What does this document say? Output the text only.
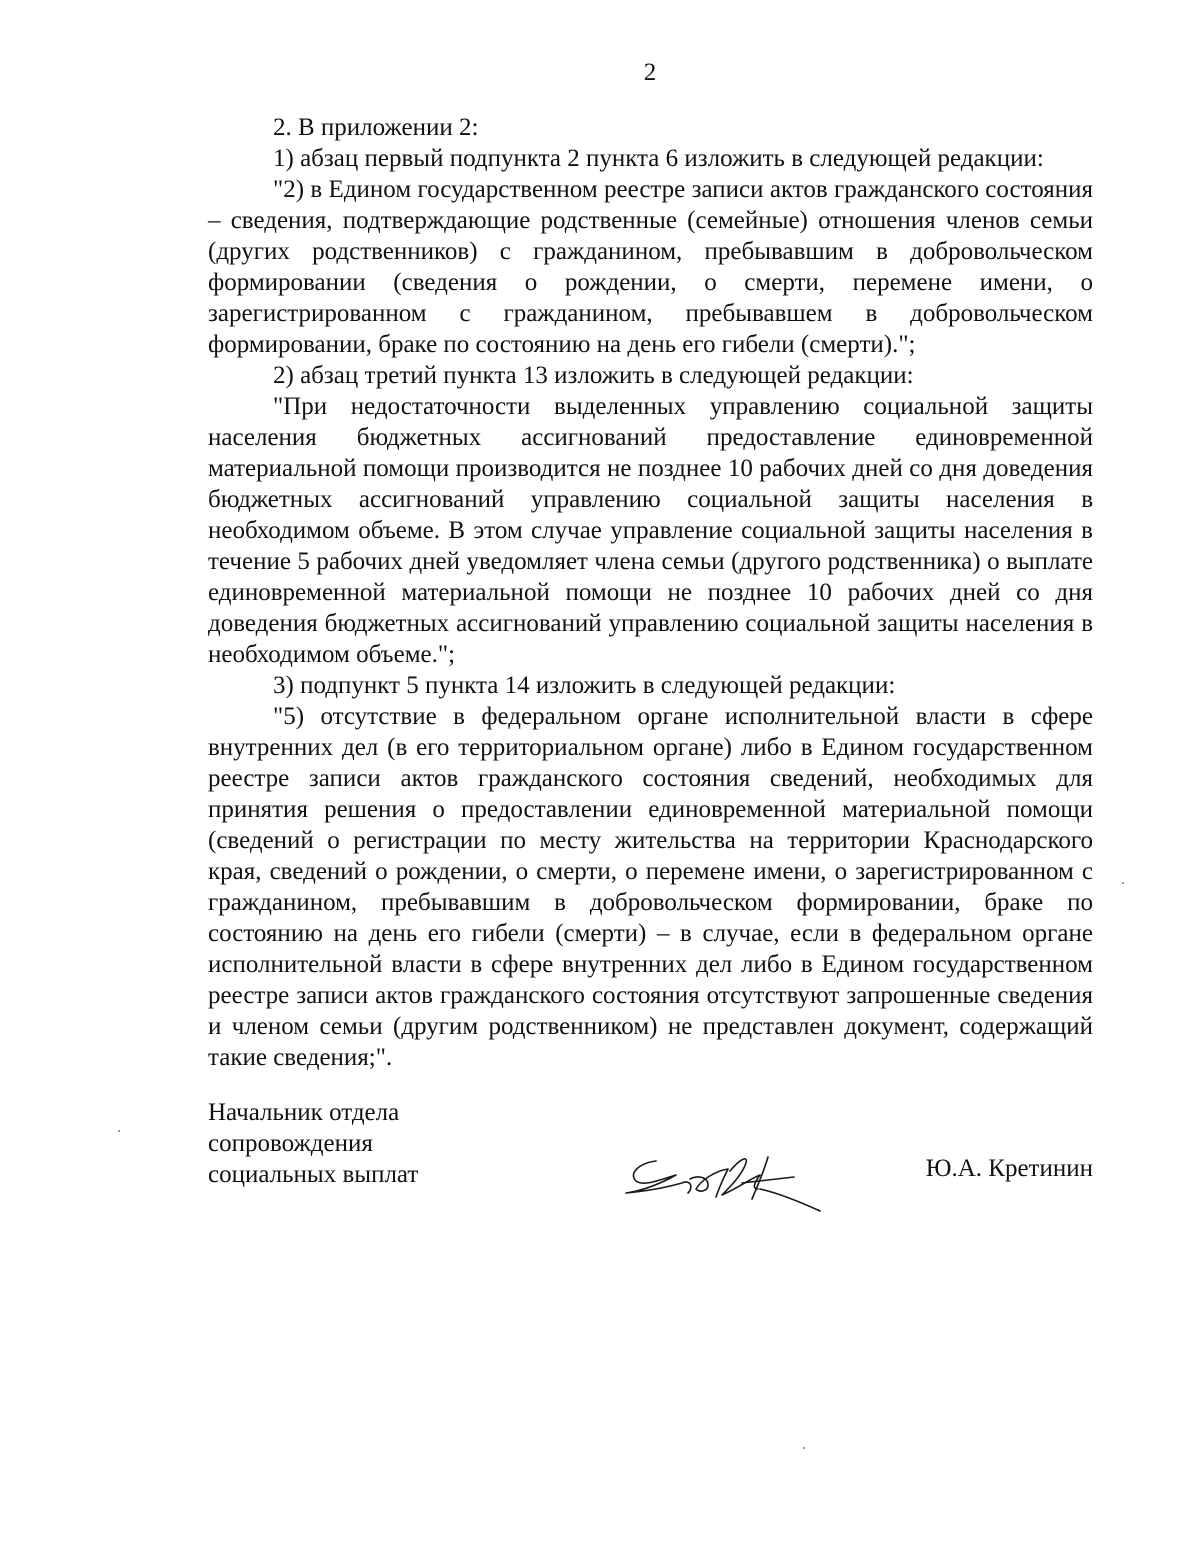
2

2. В приложении 2:

1) абзац первый подпункта 2 пункта 6 изложить в следующей редакции:

"2) в Едином государственном реестре записи актов гражданского состояния – сведения, подтверждающие родственные (семейные) отношения членов семьи (других родственников) с гражданином, пребывавшим в добровольческом формировании (сведения о рождении, о смерти, перемене имени, о зарегистрированном с гражданином, пребывавшем в добровольческом формировании, браке по состоянию на день его гибели (смерти).";

2) абзац третий пункта 13 изложить в следующей редакции:

"При недостаточности выделенных управлению социальной защиты населения бюджетных ассигнований предоставление единовременной материальной помощи производится не позднее 10 рабочих дней со дня доведения бюджетных ассигнований управлению социальной защиты населения в необходимом объеме. В этом случае управление социальной защиты населения в течение 5 рабочих дней уведомляет члена семьи (другого родственника) о выплате единовременной материальной помощи не позднее 10 рабочих дней со дня доведения бюджетных ассигнований управлению социальной защиты населения в необходимом объеме.";

3) подпункт 5 пункта 14 изложить в следующей редакции:

"5) отсутствие в федеральном органе исполнительной власти в сфере внутренних дел (в его территориальном органе) либо в Едином государственном реестре записи актов гражданского состояния сведений, необходимых для принятия решения о предоставлении единовременной материальной помощи (сведений о регистрации по месту жительства на территории Краснодарского края, сведений о рождении, о смерти, о перемене имени, о зарегистрированном с гражданином, пребывавшим в добровольческом формировании, браке по состоянию на день его гибели (смерти) – в случае, если в федеральном органе исполнительной власти в сфере внутренних дел либо в Едином государственном реестре записи актов гражданского состояния отсутствуют запрошенные сведения и членом семьи (другим родственником) не представлен документ, содержащий такие сведения;".

Начальник отдела
сопровождения
социальных выплат	Ю.А. Кретинин
